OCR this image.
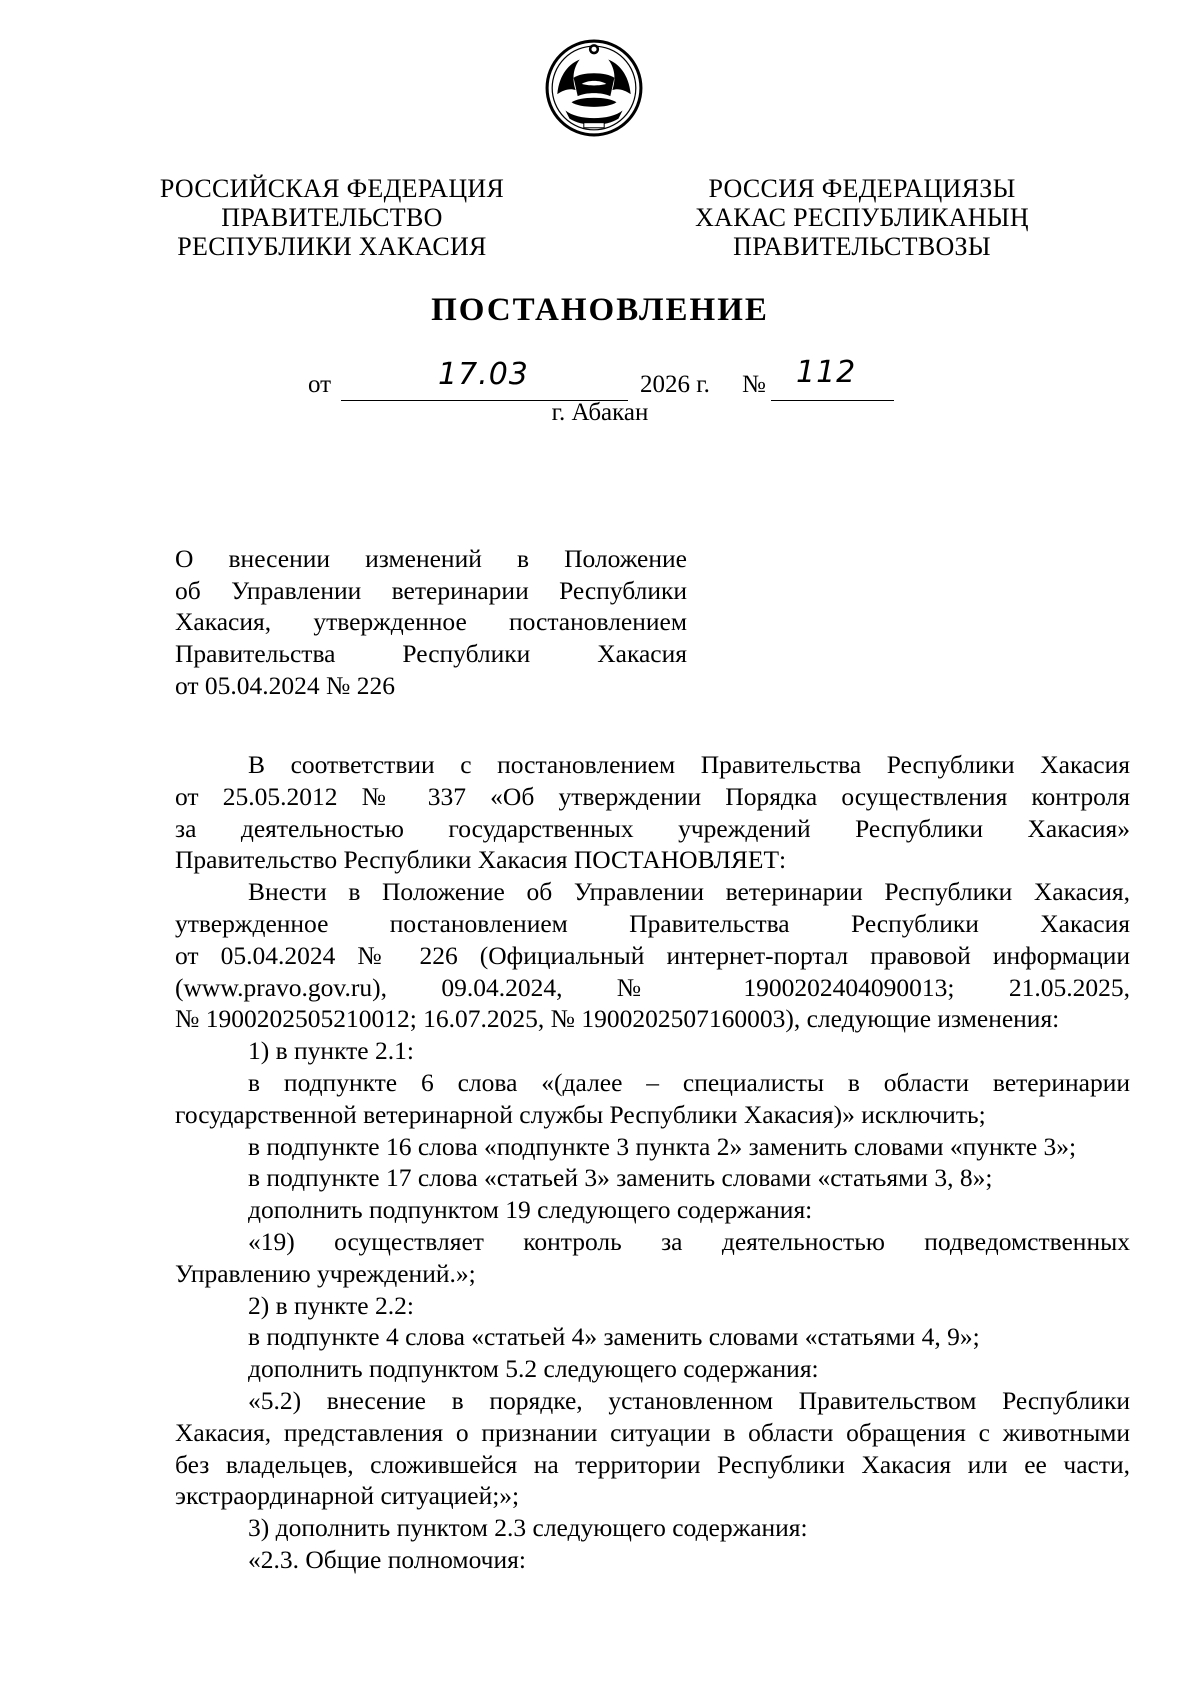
РОССИЙСКАЯ ФЕДЕРАЦИЯ
ПРАВИТЕЛЬСТВО
РЕСПУБЛИКИ ХАКАСИЯ
РОССИЯ ФЕДЕРАЦИЯЗЫ
ХАКАС РЕСПУБЛИКАНЫҢ
ПРАВИТЕЛЬСТВОЗЫ
ПОСТАНОВЛЕНИЕ
от	17.03	2026 г. № 112
г. Абакан
О внесении изменений в Положение
об Управлении ветеринарии Республики
Хакасия, утвержденное постановлением
Правительства Республики Хакасия
от 05.04.2024 № 226

В соответствии с постановлением Правительства Республики Хакасия

от 25.05.2012 № 337 «Об утверждении Порядка осуществления контроля

за деятельностью государственных учреждений Республики Хакасия»

Правительство Республики Хакасия ПОСТАНОВЛЯЕТ:

Внести в Положение об Управлении ветеринарии Республики Хакасия,

утвержденное постановлением Правительства Республики Хакасия

от 05.04.2024 № 226 (Официальный интернет-портал правовой информации

(www.pravo.gov.ru), 09.04.2024, № 1900202404090013; 21.05.2025,

№ 1900202505210012; 16.07.2025, № 1900202507160003), следующие изменения:

1) в пункте 2.1:

в подпункте 6 слова «(далее – специалисты в области ветеринарии

государственной ветеринарной службы Республики Хакасия)» исключить;

в подпункте 16 слова «подпункте 3 пункта 2» заменить словами «пункте 3»;

в подпункте 17 слова «статьей 3» заменить словами «статьями 3, 8»;

дополнить подпунктом 19 следующего содержания:

«19) осуществляет контроль за деятельностью подведомственных

Управлению учреждений.»;

2) в пункте 2.2:

в подпункте 4 слова «статьей 4» заменить словами «статьями 4, 9»;

дополнить подпунктом 5.2 следующего содержания:

«5.2) внесение в порядке, установленном Правительством Республики

Хакасия, представления о признании ситуации в области обращения с животными

без владельцев, сложившейся на территории Республики Хакасия или ее части,

экстраординарной ситуацией;»;

3) дополнить пунктом 2.3 следующего содержания:

«2.3. Общие полномочия:
